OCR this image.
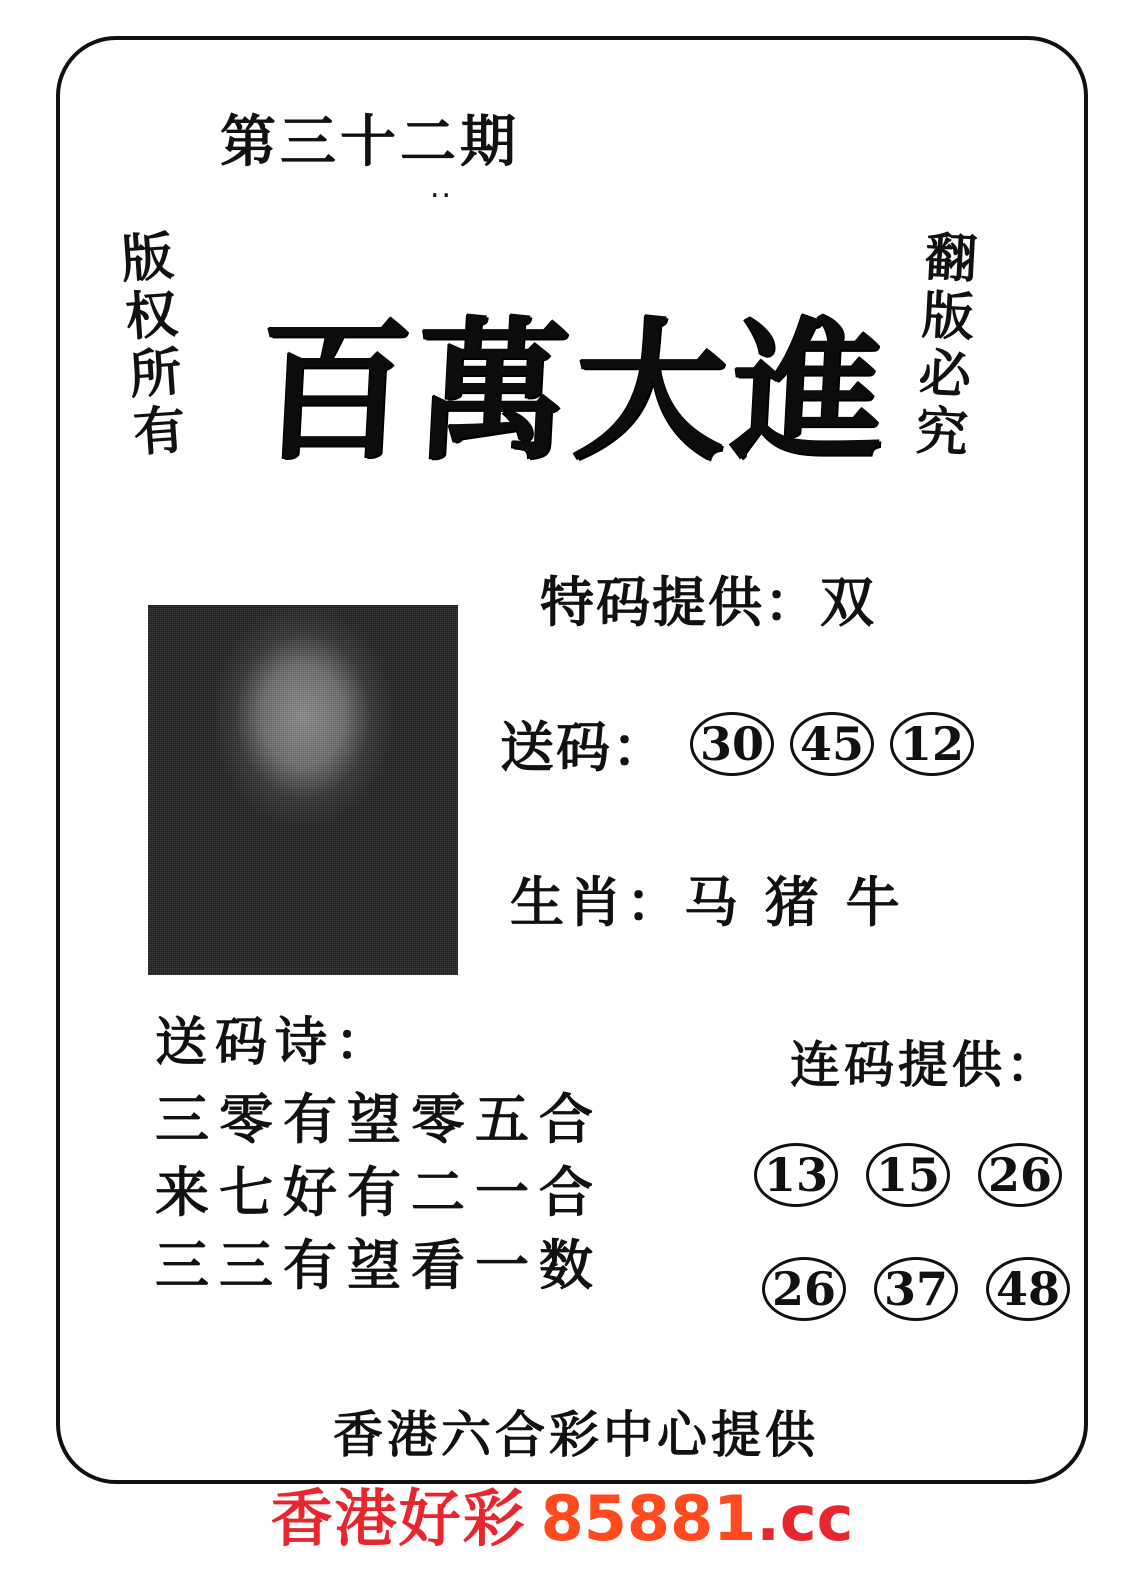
第三十二期
..
版权所有	翻版必究
百萬大進
特码提供：双
送码： 30 45 12
生肖：马 猪 牛
送码诗：
三零有望零五合
来七好有二一合
三三有望看一数
连码提供：
13 15 26
26 37 48
香港六合彩中心提供
香港好彩 85881.cc
